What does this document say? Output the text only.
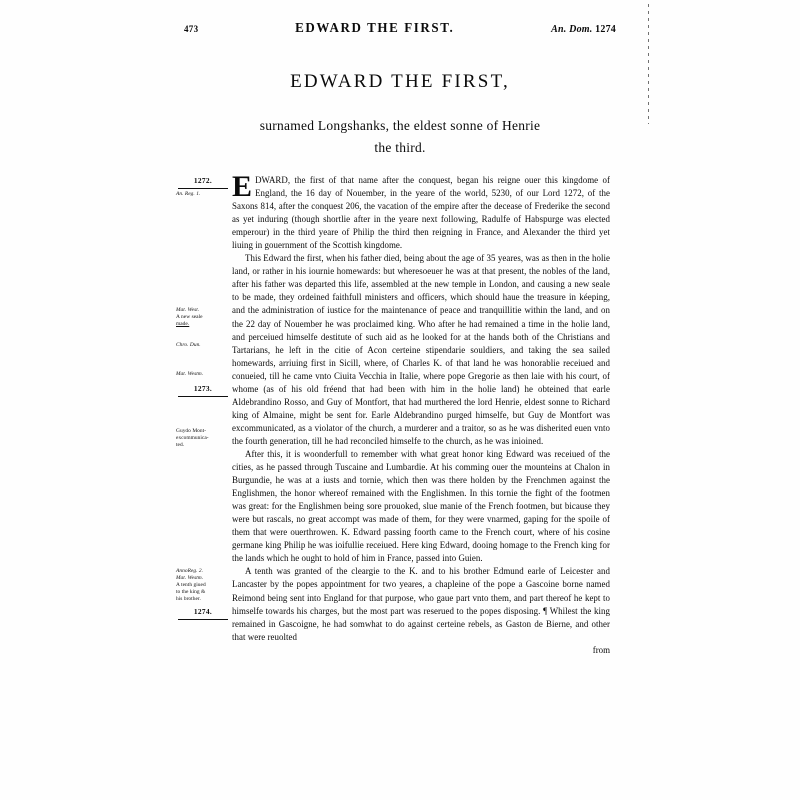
473	EDWARD THE FIRST.	An. Dom. 1274
EDWARD THE FIRST,

surnamed Longshanks, the eldest sonne of Henrie
the third.

1272.
An. Reg. 1.	EDWARD, the first of that name after the conquest, began his reigne ouer this kingdome of England, the 16 day of Nouember, in the yeare of the world, 5230, of our Lord 1272, of the Saxons 814, after the conquest 206, the vacation of the empire after the decease of Frederike the second as yet induring (though shortlie after in the yeare next following, Radulfe of Habspurge was elected emperour) in the third yeare of Philip the third then reigning in France, and Alexander the third yet liuing in gouernment of the Scottish kingdome.

Mat. West.
A new seale
made.
Chro. Dun.
Mat. Westm.
1273.
Guydo Mont-
excommunica-
ted.

This Edward the first, when his father died, being about the age of 35 yeares, was as then in the holie land, or rather in his iournie homewards: but wheresoeuer he was at that present, the nobles of the land, after his father was departed this life, assembled at the new temple in London, and causing a new seale to be made, they ordeined faithfull ministers and officers, which should haue the treasure in kéeping, and the administration of iustice for the maintenance of peace and tranquillitie within the land, and on the 22 day of Nouember he was proclaimed king. Who after he had remained a time in the holie land, and perceiued himselfe destitute of such aid as he looked for at the hands both of the Christians and Tartarians, he left in the citie of Acon certeine stipendarie souldiers, and taking the sea sailed homewards, arriuing first in Sicill, where, of Charles K. of that land he was honorablie receiued and conueied, till he came vnto Ciuita Vecchia in Italie, where pope Gregorie as then laie with his court, of whome (as of his old fréend that had been with him in the holie land) he obteined that earle Aldebrandino Rosso, and Guy of Montfort, that had murthered the lord Henrie, eldest sonne to Richard king of Almaine, might be sent for. Earle Aldebrandino purged himselfe, but Guy de Montfort was excommunicated, as a violator of the church, a murderer and a traitor, so as he was disherited euen vnto the fourth generation, till he had reconciled himselfe to the church, as he was inioined.

After this, it is woonderfull to remember with what great honor king Edward was receiued of the cities, as he passed through Tuscaine and Lumbardie. At his comming ouer the mounteins at Chalon in Burgundie, he was at a iusts and tornie, which then was there holden by the Frenchmen against the Englishmen, the honor whereof remained with the Englishmen. In this tornie the fight of the footmen was great: for the Englishmen being sore prouoked, slue manie of the French footmen, but bicause they were but rascals, no great accompt was made of them, for they were vnarmed, gaping for the spoile of them that were ouerthrowen. K. Edward passing foorth came to the French court, where of his cosine germane king Philip he was ioifullie receiued. Here king Edward, dooing homage to the French king for the lands which he ought to hold of him in France, passed into Guien.

AnnoReg. 2.
Mat. Westm.
A tenth giued
to the king &
his brother.
1274.

A tenth was granted of the cleargie to the K. and to his brother Edmund earle of Leicester and Lancaster by the popes appointment for two yeares, a chapleine of the pope a Gascoine borne named Reimond being sent into England for that purpose, who gaue part vnto them, and part thereof he kept to himselfe towards his charges, but the most part was reserued to the popes disposing. ¶ Whilest the king remained in Gascoigne, he had somwhat to do against certeine rebels, as Gaston de Bierne, and other that were reuolted

from
